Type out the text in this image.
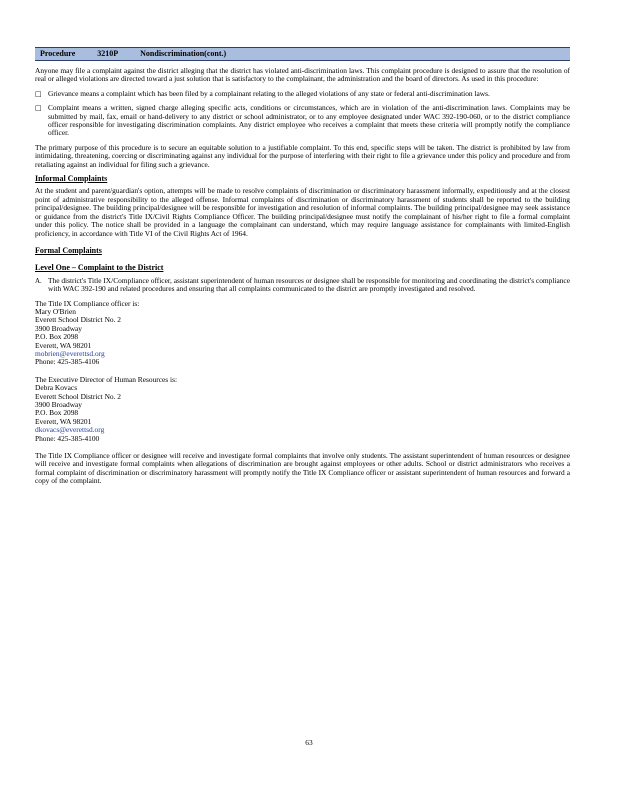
Procedure	3210P	Nondiscrimination(cont.)

Anyone may file a complaint against the district alleging that the district has violated anti-discrimination laws. This complaint procedure is designed to assure that the resolution of real or alleged violations are directed toward a just solution that is satisfactory to the complainant, the administration and the board of directors. As used in this procedure:

□ Grievance means a complaint which has been filed by a complainant relating to the alleged violations of any state or federal anti-discrimination laws.

□ Complaint means a written, signed charge alleging specific acts, conditions or circumstances, which are in violation of the anti-discrimination laws. Complaints may be submitted by mail, fax, email or hand-delivery to any district or school administrator, or to any employee designated under WAC 392-190-060, or to the district compliance officer responsible for investigating discrimination complaints. Any district employee who receives a complaint that meets these criteria will promptly notify the compliance officer.

The primary purpose of this procedure is to secure an equitable solution to a justifiable complaint. To this end, specific steps will be taken. The district is prohibited by law from intimidating, threatening, coercing or discriminating against any individual for the purpose of interfering with their right to file a grievance under this policy and procedure and from retaliating against an individual for filing such a grievance.

Informal Complaints

At the student and parent/guardian's option, attempts will be made to resolve complaints of discrimination or discriminatory harassment informally, expeditiously and at the closest point of administrative responsibility to the alleged offense. Informal complaints of discrimination or discriminatory harassment of students shall be reported to the building principal/designee. The building principal/designee will be responsible for investigation and resolution of informal complaints. The building principal/designee may seek assistance or guidance from the district's Title IX/Civil Rights Compliance Officer. The building principal/designee must notify the complainant of his/her right to file a formal complaint under this policy. The notice shall be provided in a language the complainant can understand, which may require language assistance for complainants with limited-English proficiency, in accordance with Title VI of the Civil Rights Act of 1964.

Formal Complaints
Level One – Complaint to the District
A. The district's Title IX/Compliance officer, assistant superintendent of human resources or designee shall be responsible for monitoring and coordinating the district's compliance with WAC 392-190 and related procedures and ensuring that all complaints communicated to the district are promptly investigated and resolved.

The Title IX Compliance officer is:
Mary O'Brien
Everett School District No. 2
3900 Broadway
P.O. Box 2098
Everett, WA 98201
mobrien@everettsd.org
Phone: 425-385-4106
The Executive Director of Human Resources is:
Debra Kovacs
Everett School District No. 2
3900 Broadway
P.O. Box 2098
Everett, WA 98201
dkovacs@everettsd.org
Phone: 425-385-4100

The Title IX Compliance officer or designee will receive and investigate formal complaints that involve only students. The assistant superintendent of human resources or designee will receive and investigate formal complaints when allegations of discrimination are brought against employees or other adults. School or district administrators who receives a formal complaint of discrimination or discriminatory harassment will promptly notify the Title IX Compliance officer or assistant superintendent of human resources and forward a copy of the complaint.

63
